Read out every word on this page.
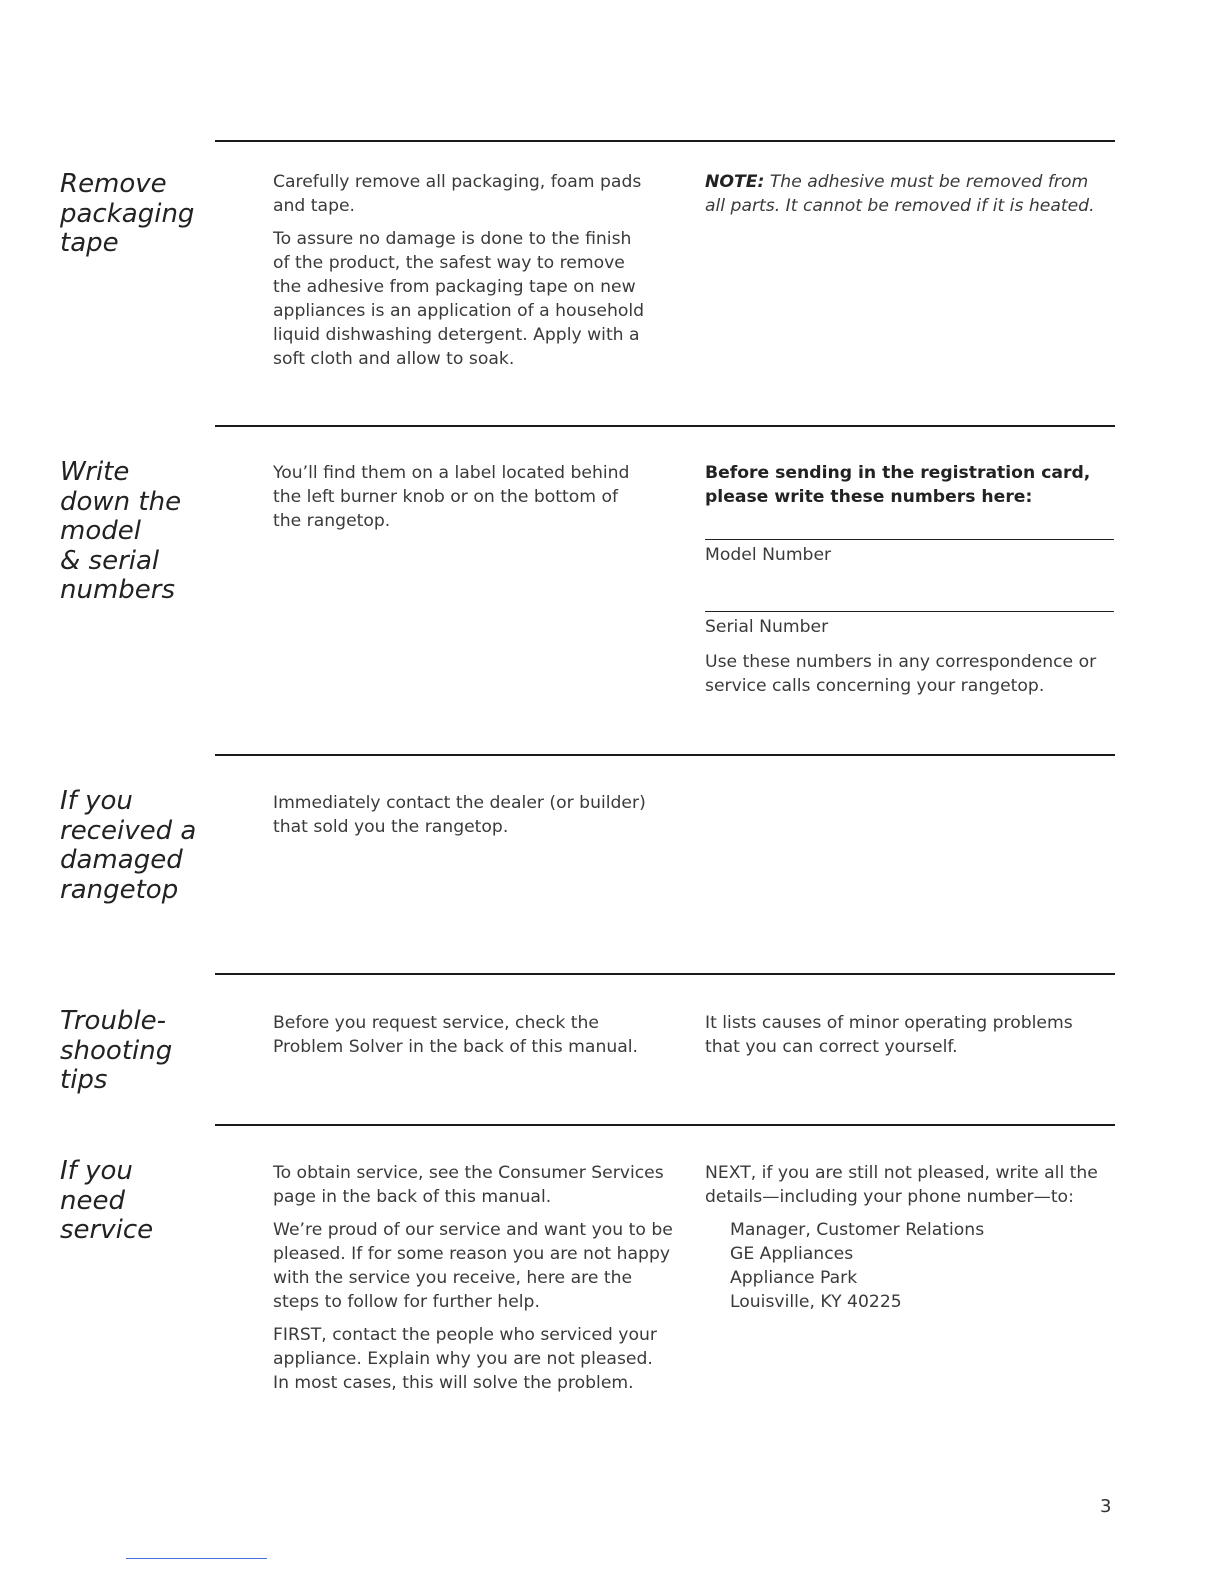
Remove
packaging
tape

Carefully remove all packaging, foam pads and tape.

To assure no damage is done to the finish of the product, the safest way to remove the adhesive from packaging tape on new appliances is an application of a household liquid dishwashing detergent. Apply with a soft cloth and allow to soak.

NOTE: The adhesive must be removed from all parts. It cannot be removed if it is heated.

Write
down the
model
& serial
numbers

You’ll find them on a label located behind the left burner knob or on the bottom of the rangetop.

Before sending in the registration card, please write these numbers here:

Model Number
Serial Number

Use these numbers in any correspondence or service calls concerning your rangetop.

If you
received a
damaged
rangetop

Immediately contact the dealer (or builder) that sold you the rangetop.

Trouble-
shooting
tips

Before you request service, check the Problem Solver in the back of this manual.

It lists causes of minor operating problems that you can correct yourself.

If you
need
service

To obtain service, see the Consumer Services page in the back of this manual.

We’re proud of our service and want you to be pleased. If for some reason you are not happy with the service you receive, here are the steps to follow for further help.

FIRST, contact the people who serviced your appliance. Explain why you are not pleased. In most cases, this will solve the problem.

NEXT, if you are still not pleased, write all the details—including your phone number—to:

Manager, Customer Relations
GE Appliances
Appliance Park
Louisville, KY 40225
3
